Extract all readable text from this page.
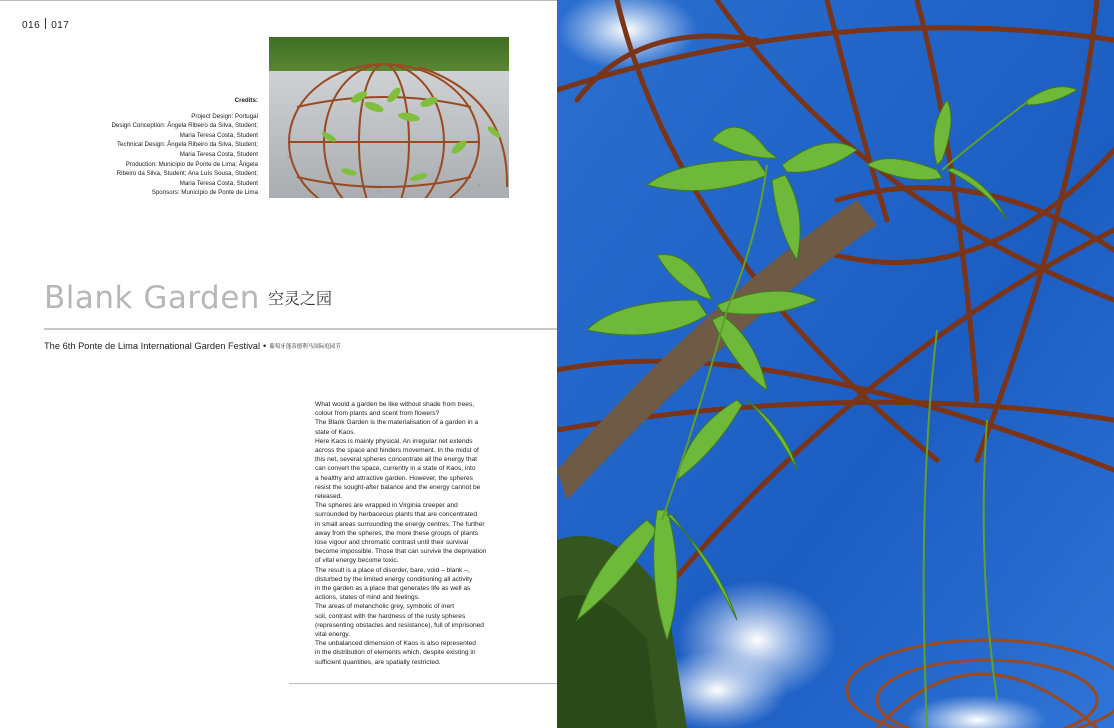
016 017
Credits:
Project Design: Portugal
Design Conception: Ângela Ribeiro da Silva, Student;
Maria Teresa Costa, Student
Technical Design: Ângela Ribeiro da Silva, Student;
Maria Teresa Costa, Student
Production: Município de Ponte de Lima; Ângela
Ribeiro da Silva, Student; Ana Luís Sousa, Student;
Maria Teresa Costa, Student
Sponsors: Município de Ponte de Lima
Blank Garden 空灵之园
The 6th Ponte de Lima International Garden Festival • 葡萄牙蓬蒂德利马国际庭园节

What would a garden be like without shade from trees,

colour from plants and scent from flowers?

The Blank Garden is the materialisation of a garden in a

state of Kaos.

Here Kaos is mainly physical. An irregular net extends

across the space and hinders movement. In the midst of

this net, several spheres concentrate all the energy that

can convert the space, currently in a state of Kaos, into

a healthy and attractive garden. However, the spheres

resist the sought-after balance and the energy cannot be

released.

The spheres are wrapped in Virginia creeper and

surrounded by herbaceous plants that are concentrated

in small areas surrounding the energy centres. The further

away from the spheres, the more these groups of plants

lose vigour and chromatic contrast until their survival

become impossible. Those that can survive the deprivation

of vital energy become toxic.

The result is a place of disorder, bare, void – blank –,

disturbed by the limited energy conditioning all activity

in the garden as a place that generates life as well as

actions, states of mind and feelings.

The areas of melancholic grey, symbolic of inert

soil, contrast with the hardness of the rusty spheres

(representing obstacles and resistance), full of imprisoned

vital energy.

The unbalanced dimension of Kaos is also represented

in the distribution of elements which, despite existing in

sufficient quantities, are spatially restricted.
